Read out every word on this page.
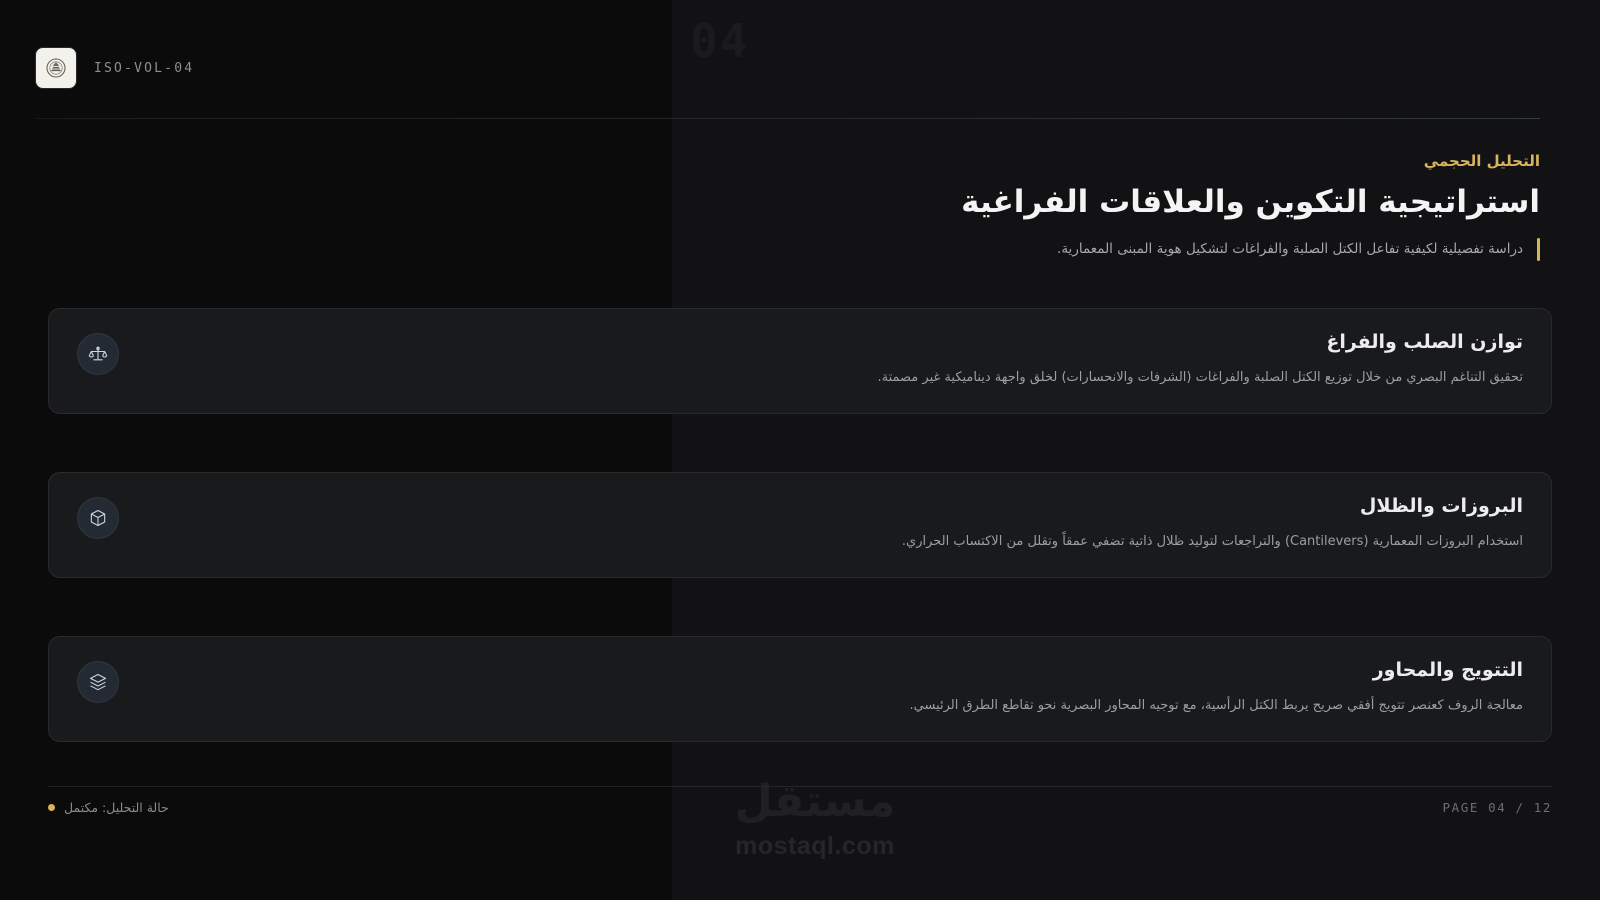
04
ISO-VOL-04
التحليل الحجمي
استراتيجية التكوين والعلاقات الفراغية
دراسة تفصيلية لكيفية تفاعل الكتل الصلبة والفراغات لتشكيل هوية المبنى المعمارية.
توازن الصلب والفراغ
تحقيق التناغم البصري من خلال توزيع الكتل الصلبة والفراغات (الشرفات والانحسارات) لخلق واجهة ديناميكية غير مصمتة.
البروزات والظلال
استخدام البروزات المعمارية (Cantilevers) والتراجعات لتوليد ظلال ذاتية تضفي عمقاً وتقلل من الاكتساب الحراري.
التتويج والمحاور
معالجة الروف كعنصر تتويج أفقي صريح يربط الكتل الرأسية، مع توجيه المحاور البصرية نحو تقاطع الطرق الرئيسي.
PAGE 04 / 12
حالة التحليل: مكتمل	مستقل
mostaql.com
